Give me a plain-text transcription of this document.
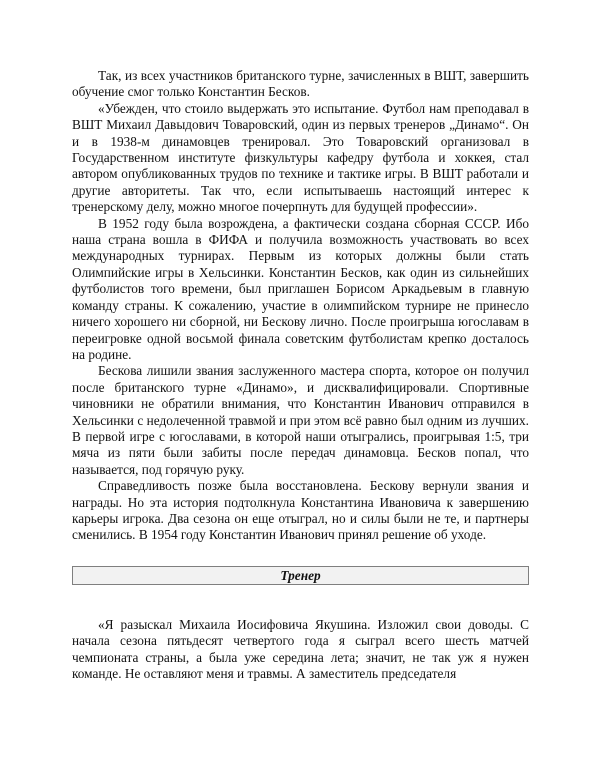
Так, из всех участников британского турне, зачисленных в ВШТ, завершить обучение смог только Константин Бесков.

«Убежден, что стоило выдержать это испытание. Футбол нам преподавал в ВШТ Михаил Давыдович Товаровский, один из первых тренеров „Динамо“. Он и в 1938-м динамовцев тренировал. Это Товаровский организовал в Государственном институте физкультуры кафедру футбола и хоккея, стал автором опубликованных трудов по технике и тактике игры. В ВШТ работали и другие авторитеты. Так что, если испытываешь настоящий интерес к тренерскому делу, можно многое почерпнуть для будущей профессии».

В 1952 году была возрождена, а фактически создана сборная СССР. Ибо наша страна вошла в ФИФА и получила возможность участвовать во всех международных турнирах. Первым из которых должны были стать Олимпийские игры в Хельсинки. Константин Бесков, как один из сильнейших футболистов того времени, был приглашен Борисом Аркадьевым в главную команду страны. К сожалению, участие в олимпийском турнире не принесло ничего хорошего ни сборной, ни Бескову лично. После проигрыша югославам в переигровке одной восьмой финала советским футболистам крепко досталось на родине.

Бескова лишили звания заслуженного мастера спорта, которое он получил после британского турне «Динамо», и дисквалифицировали. Спортивные чиновники не обратили внимания, что Константин Иванович отправился в Хельсинки с недолеченной травмой и при этом всё равно был одним из лучших. В первой игре с югославами, в которой наши отыгрались, проигрывая 1:5, три мяча из пяти были забиты после передач динамовца. Бесков попал, что называется, под горячую руку.

Справедливость позже была восстановлена. Бескову вернули звания и награды. Но эта история подтолкнула Константина Ивановича к завершению карьеры игрока. Два сезона он еще отыграл, но и силы были не те, и партнеры сменились. В 1954 году Константин Иванович принял решение об уходе.

Тренер

«Я разыскал Михаила Иосифовича Якушина. Изложил свои доводы. С начала сезона пятьдесят четвертого года я сыграл всего шесть матчей чемпионата страны, а была уже середина лета; значит, не так уж я нужен команде. Не оставляют меня и травмы. А заместитель председателя
